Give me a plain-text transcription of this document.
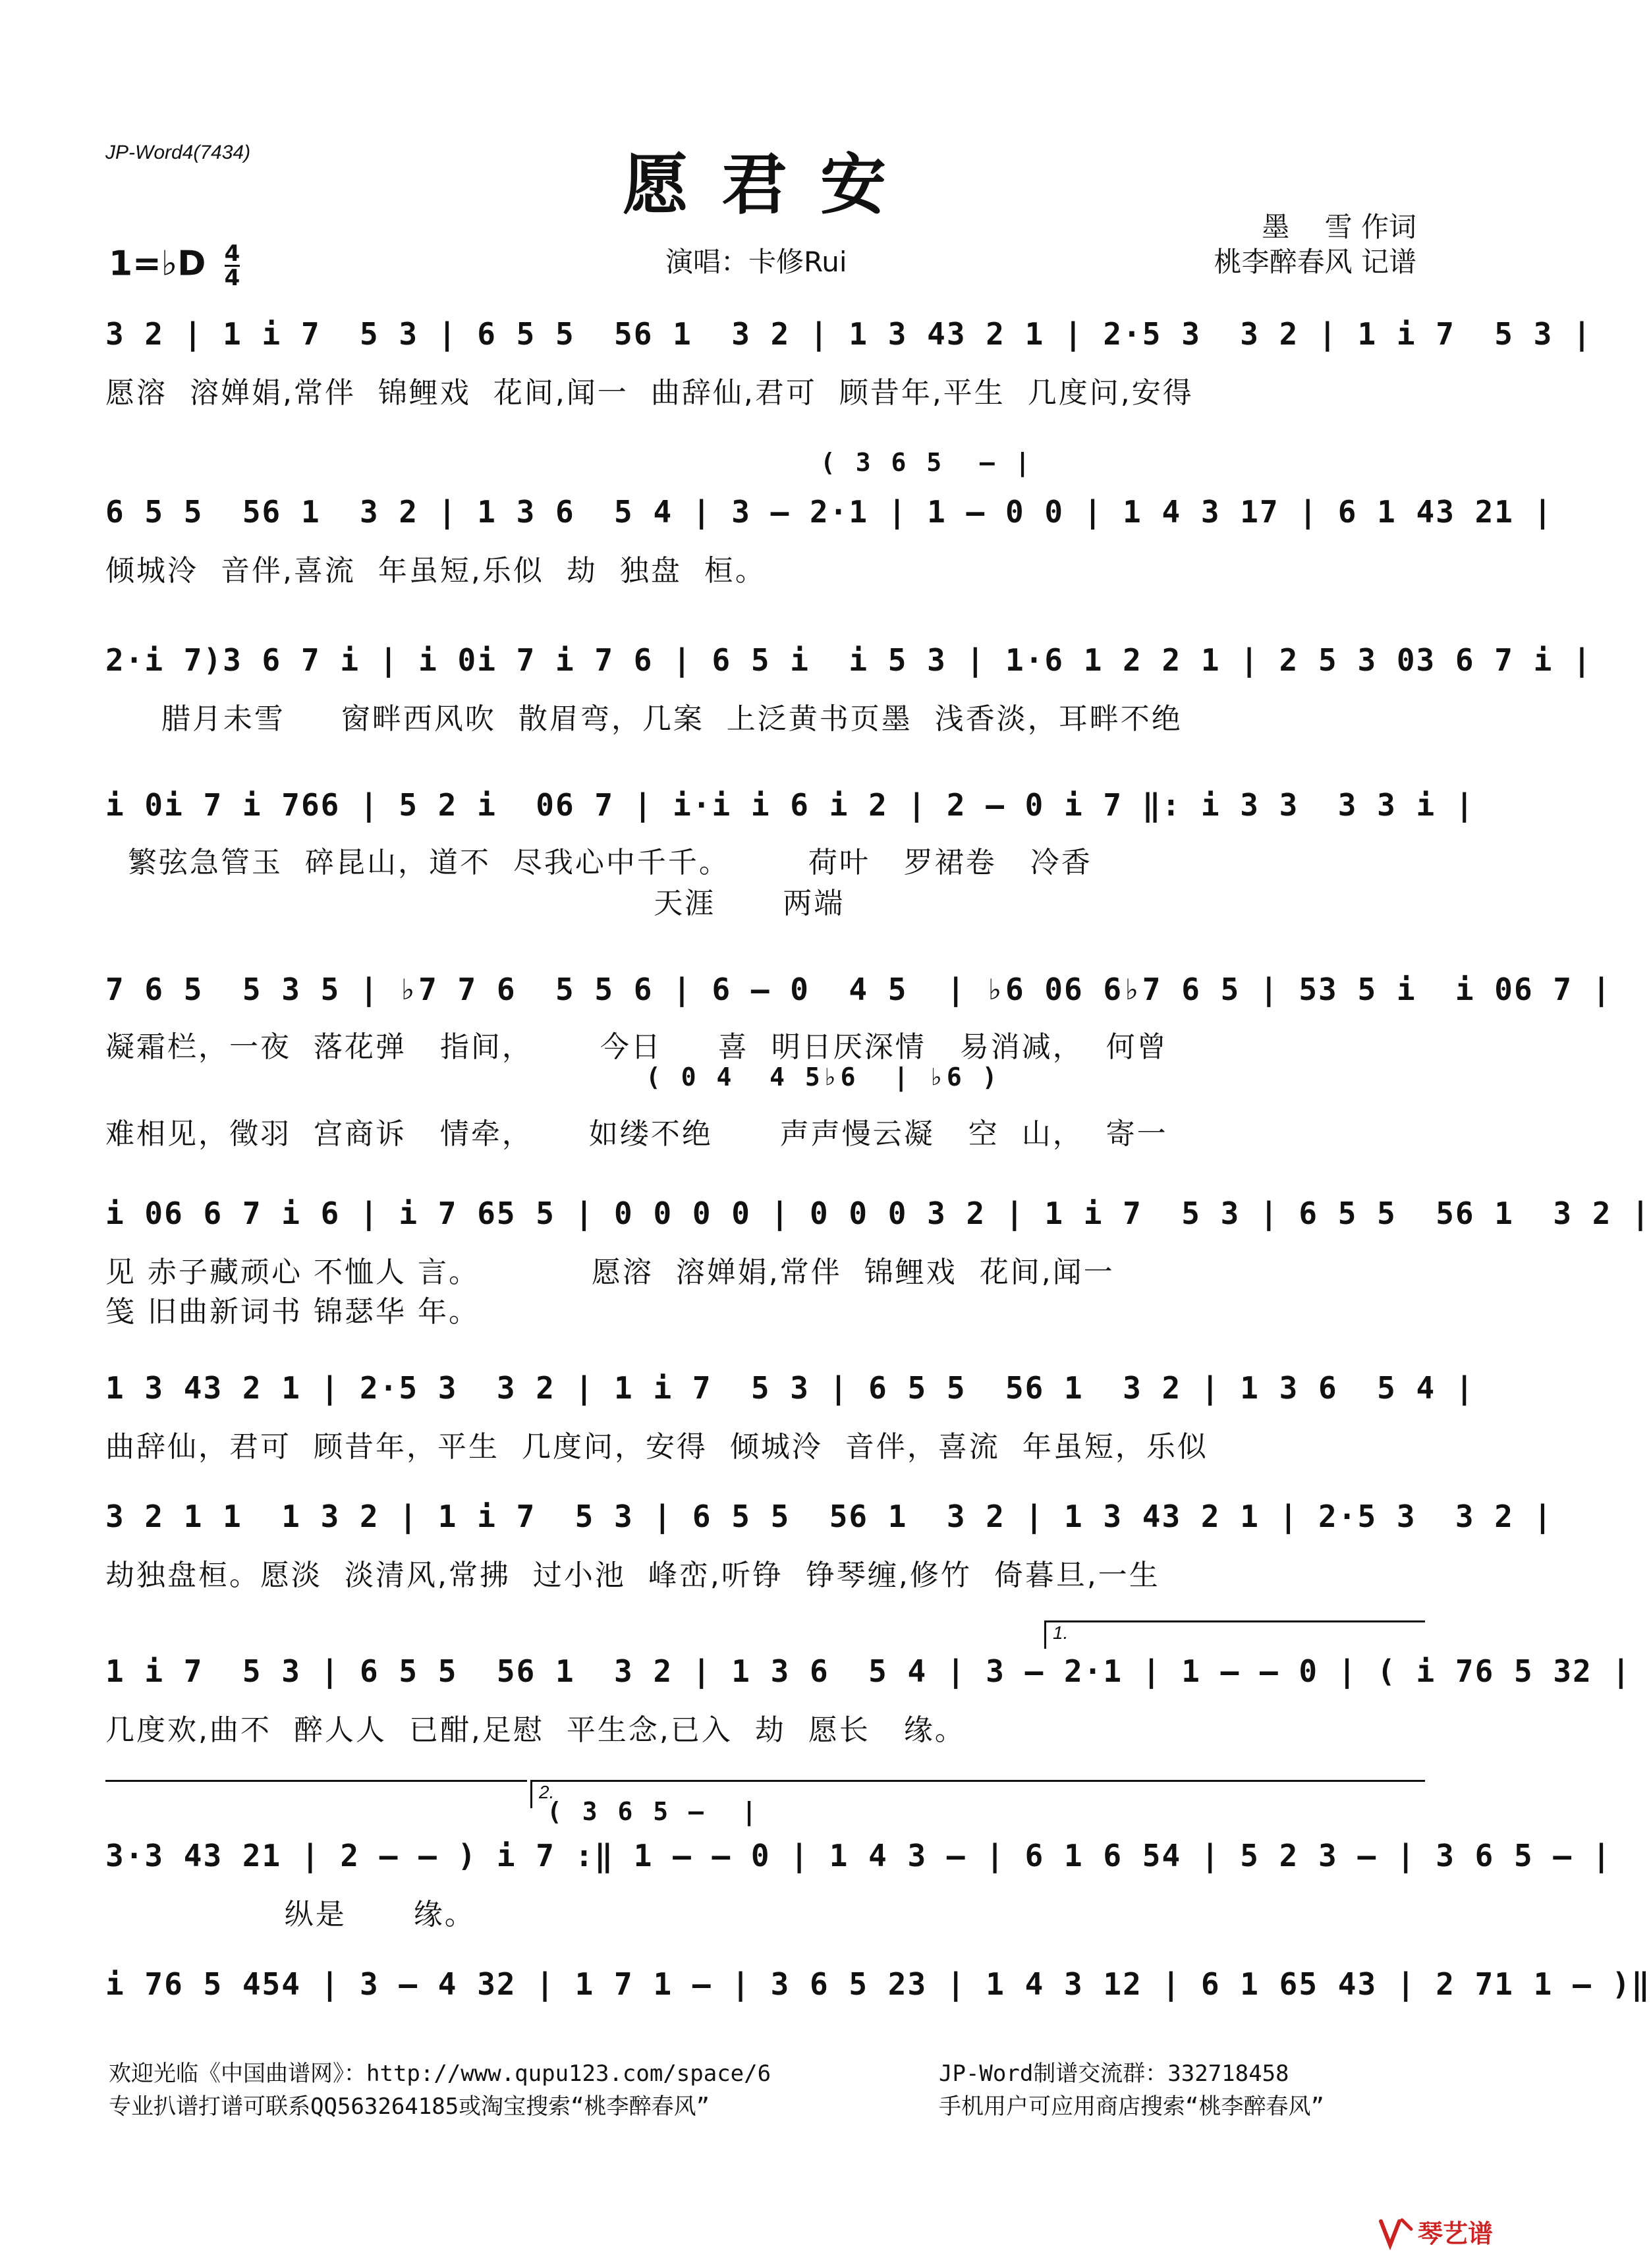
JP-Word4(7434)	愿君安
演唱：卡修Rui
墨    雪 作词
桃李醉春风 记谱
1=♭D $\frac{4}{4}$
3 2 | 1 i 7  5 3 | 6 5 5  56 1  3 2 | 1 3 43 2 1 | 2·5 3  3 2 | 1 i 7  5 3 |
愿溶  溶婵娟,常伴  锦鲤戏  花间,闻一  曲辞仙,君可  顾昔年,平生  几度问,安得
( 3 6 5  – |
6 5 5  56 1  3 2 | 1 3 6  5 4 | 3 – 2·1 | 1 – 0 0 | 1 4 3 17 | 6 1 43 21 |
倾城泠  音伴,喜流  年虽短,乐似  劫  独盘  桓。
2·i 7)3 6 7 i | i 0i 7 i 7 6 | 6 5 i  i 5 3 | 1·6 1 2 2 1 | 2 5 3 03 6 7 i |
腊月未雪     窗畔西风吹  散眉弯，几案  上泛黄书页墨  浅香淡，耳畔不绝
i 0i 7 i 766 | 5 2 i  06 7 | i·i i 6 i 2 | 2 – 0 i 7 ‖: i 3 3  3 3 i |
繁弦急管玉  碎昆山，道不  尽我心中千千。       荷叶   罗裙卷   冷香
天涯      两端
7 6 5  5 3 5 | ♭7 7 6  5 5 6 | 6 – 0  4 5  | ♭6 06 6♭7 6 5 | 53 5 i  i 06 7 |
凝霜栏，一夜  落花弹   指间，      今日     喜  明日厌深情   易消减，  何曾
( 0 4  4 5♭6  | ♭6 )
难相见，徵羽  宫商诉   情牵，     如缕不绝      声声慢云凝   空  山，  寄一
i 06 6 7 i 6 | i 7 65 5 | 0 0 0 0 | 0 0 0 3 2 | 1 i 7  5 3 | 6 5 5  56 1  3 2 |
见 赤子藏顽心 不恤人 言。          愿溶  溶婵娟,常伴  锦鲤戏  花间,闻一
笺 旧曲新词书 锦瑟华 年。
1 3 43 2 1 | 2·5 3  3 2 | 1 i 7  5 3 | 6 5 5  56 1  3 2 | 1 3 6  5 4 |
曲辞仙，君可  顾昔年，平生  几度问，安得  倾城泠  音伴，喜流  年虽短，乐似
3 2 1 1  1 3 2 | 1 i 7  5 3 | 6 5 5  56 1  3 2 | 1 3 43 2 1 | 2·5 3  3 2 |
劫独盘桓。愿淡  淡清风,常拂  过小池  峰峦,听铮  铮琴缠,修竹  倚暮旦,一生
1.
1 i 7  5 3 | 6 5 5  56 1  3 2 | 1 3 6  5 4 | 3 – 2·1 | 1 – – 0 | ( i 76 5 32 |
几度欢,曲不  醉人人  已酣,足慰  平生念,已入  劫  愿长   缘。
2.
( 3 6 5 –  |
3·3 43 21 | 2 – – ) i 7 :‖ 1 – – 0 | 1 4 3 – | 6 1 6 54 | 5 2 3 – | 3 6 5 – |
纵是      缘。
i 76 5 454 | 3 – 4 32 | 1 7 1 – | 3 6 5 23 | 1 4 3 12 | 6 1 65 43 | 2 71 1 – )‖
欢迎光临《中国曲谱网》：http://www.qupu123.com/space/6	JP-Word制谱交流群：332718458
专业扒谱打谱可联系QQ563264185或淘宝搜索“桃李醉春风”	手机用户可应用商店搜索“桃李醉春风”
琴艺谱
